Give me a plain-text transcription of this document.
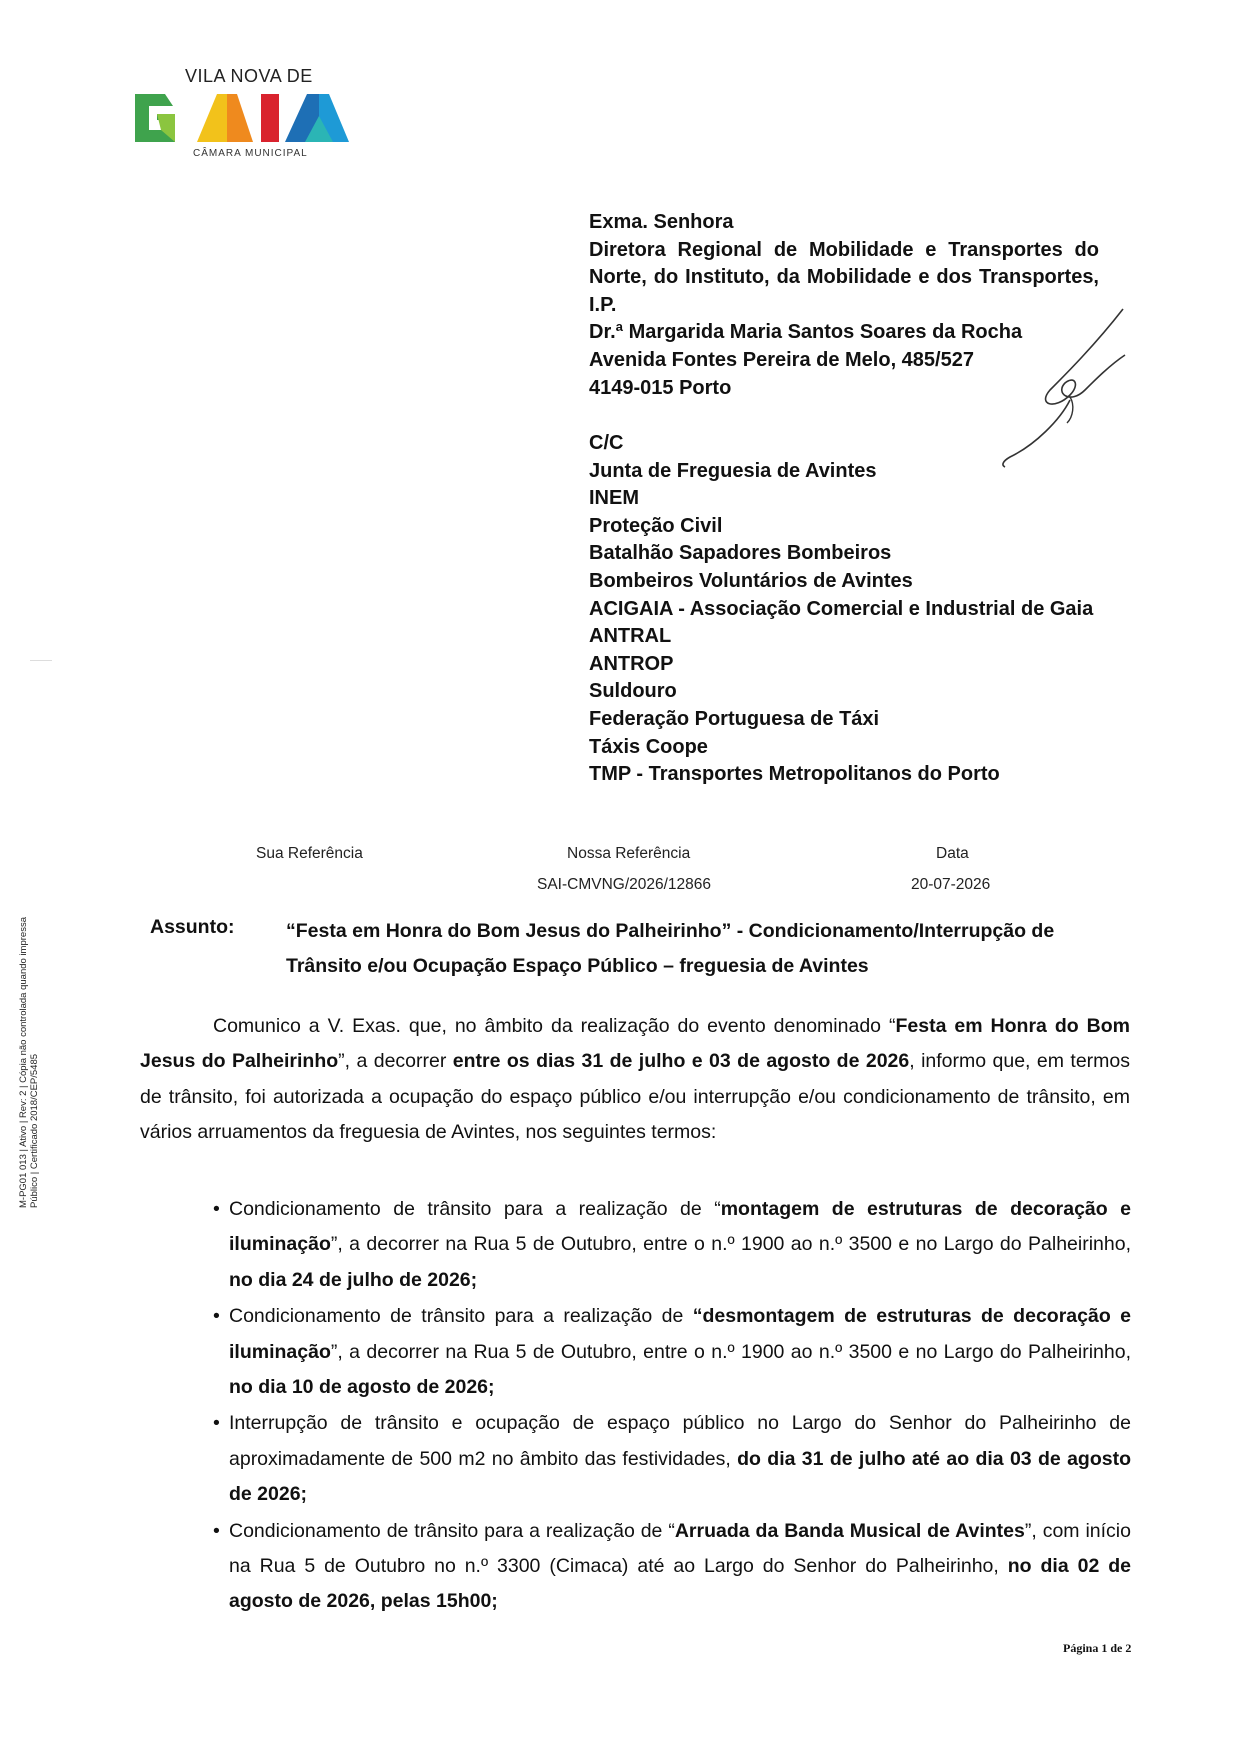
VILA NOVA DE
CÂMARA MUNICIPAL

Exma. Senhora

Diretora Regional de Mobilidade e Transportes do Norte, do Instituto, da Mobilidade e dos Transportes, I.P.

Dr.ª Margarida Maria Santos Soares da Rocha

Avenida Fontes Pereira de Melo, 485/527

4149-015 Porto

C/C

Junta de Freguesia de Avintes

INEM

Proteção Civil

Batalhão Sapadores Bombeiros

Bombeiros Voluntários de Avintes

ACIGAIA - Associação Comercial e Industrial de Gaia

ANTRAL

ANTROP

Suldouro

Federação Portuguesa de Táxi

Táxis Coope

TMP - Transportes Metropolitanos do Porto

Sua Referência	Nossa Referência
SAI-CMVNG/2026/12866
Data
20-07-2026
Assunto:	“Festa em Honra do Bom Jesus do Palheirinho” - Condicionamento/Interrupção de Trânsito e/ou Ocupação Espaço Público – freguesia de Avintes

Comunico a V. Exas. que, no âmbito da realização do evento denominado “Festa em Honra do Bom Jesus do Palheirinho”, a decorrer entre os dias 31 de julho e 03 de agosto de 2026, informo que, em termos de trânsito, foi autorizada a ocupação do espaço público e/ou interrupção e/ou condicionamento de trânsito, em vários arruamentos da freguesia de Avintes, nos seguintes termos:

• Condicionamento de trânsito para a realização de “montagem de estruturas de decoração e iluminação”, a decorrer na Rua 5 de Outubro, entre o n.º 1900 ao n.º 3500 e no Largo do Palheirinho, no dia 24 de julho de 2026;
• Condicionamento de trânsito para a realização de “desmontagem de estruturas de decoração e iluminação”, a decorrer na Rua 5 de Outubro, entre o n.º 1900 ao n.º 3500 e no Largo do Palheirinho, no dia 10 de agosto de 2026;
• Interrupção de trânsito e ocupação de espaço público no Largo do Senhor do Palheirinho de aproximadamente de 500 m2 no âmbito das festividades, do dia 31 de julho até ao dia 03 de agosto de 2026;
• Condicionamento de trânsito para a realização de “Arruada da Banda Musical de Avintes”, com início na Rua 5 de Outubro no n.º 3300 (Cimaca) até ao Largo do Senhor do Palheirinho, no dia 02 de agosto de 2026, pelas 15h00;
Página 1 de 2
M-PG01 013 | Ativo | Rev: 2 | Cópia não controlada quando impressa Público | Certificado 2018/CEP/5485
